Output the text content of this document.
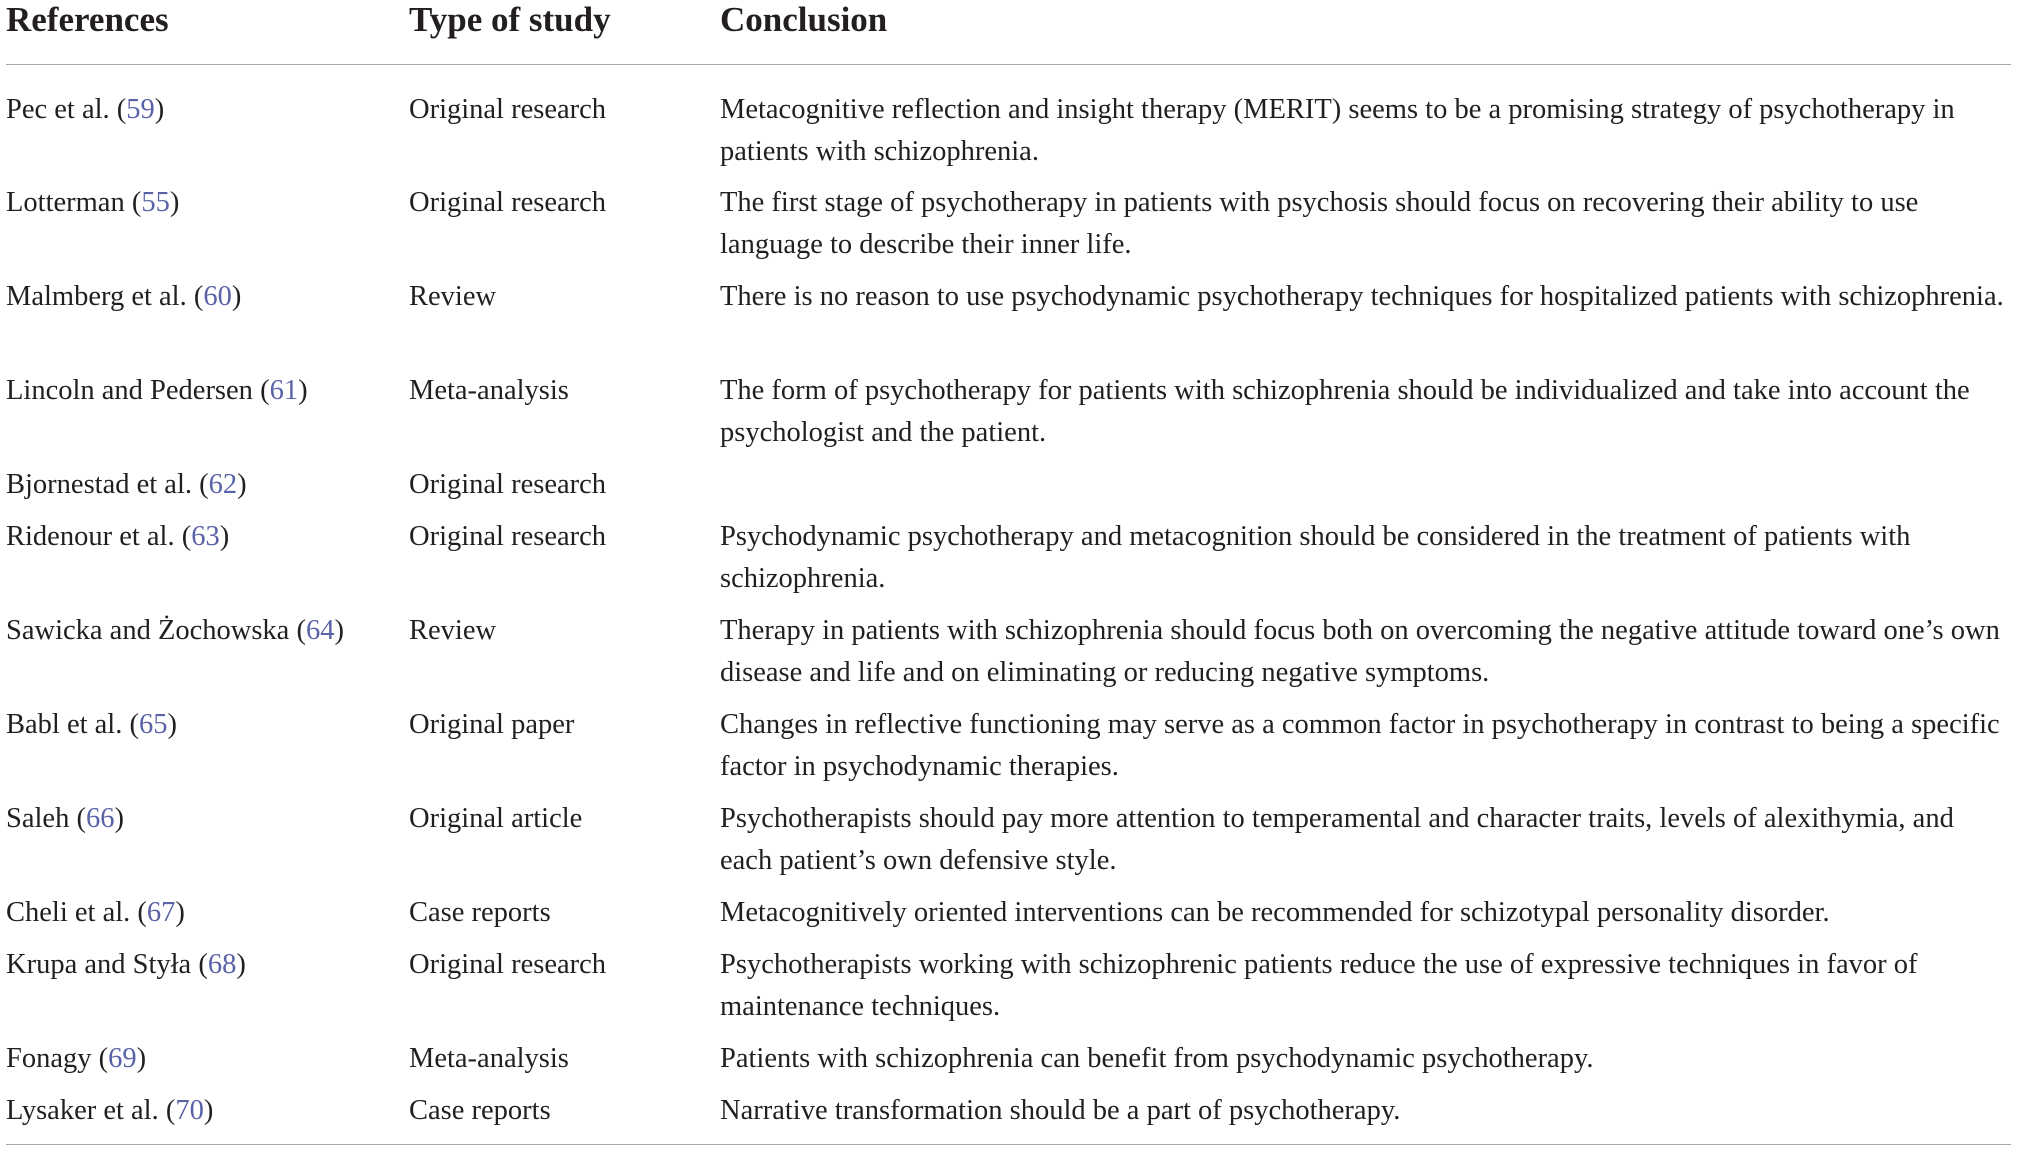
References	Type of study	Conclusion
Pec et al. (59)	Original research	Metacognitive reflection and insight therapy (MERIT) seems to be a promising strategy of psychotherapy in patients with schizophrenia.
Lotterman (55)	Original research	The first stage of psychotherapy in patients with psychosis should focus on recovering their ability to use language to describe their inner life.
Malmberg et al. (60)	Review	There is no reason to use psychodynamic psychotherapy techniques for hospitalized patients with schizophrenia.
Lincoln and Pedersen (61)	Meta-analysis	The form of psychotherapy for patients with schizophrenia should be individualized and take into account the psychologist and the patient.
Bjornestad et al. (62)	Original research	
Ridenour et al. (63)	Original research	Psychodynamic psychotherapy and metacognition should be considered in the treatment of patients with schizophrenia.
Sawicka and Żochowska (64)	Review	Therapy in patients with schizophrenia should focus both on overcoming the negative attitude toward one’s own disease and life and on eliminating or reducing negative symptoms.
Babl et al. (65)	Original paper	Changes in reflective functioning may serve as a common factor in psychotherapy in contrast to being a specific factor in psychodynamic therapies.
Saleh (66)	Original article	Psychotherapists should pay more attention to temperamental and character traits, levels of alexithymia, and each patient’s own defensive style.
Cheli et al. (67)	Case reports	Metacognitively oriented interventions can be recommended for schizotypal personality disorder.
Krupa and Styła (68)	Original research	Psychotherapists working with schizophrenic patients reduce the use of expressive techniques in favor of maintenance techniques.
Fonagy (69)	Meta-analysis	Patients with schizophrenia can benefit from psychodynamic psychotherapy.
Lysaker et al. (70)	Case reports	Narrative transformation should be a part of psychotherapy.
